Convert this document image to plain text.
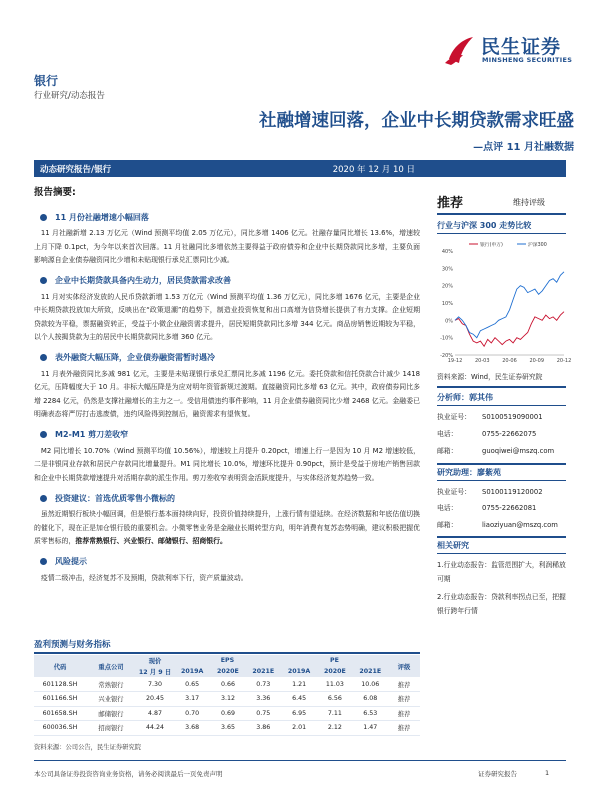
民生证券
MINSHENG SECURITIES
银行
行业研究/动态报告
社融增速回落，企业中长期贷款需求旺盛
—点评 11 月社融数据
动态研究报告/银行	2020 年 12 月 10 日
报告摘要:
11 月份社融增速小幅回落
11 月社融新增 2.13 万亿元（Wind 预测平均值 2.05 万亿元），同比多增 1406 亿元。社融存量同比增长 13.6%，增速较上月下降 0.1pct，为今年以来首次回落。11 月社融同比多增依然主要得益于政府债券和企业中长期贷款同比多增，主要负面影响源自企业债券融资同比少增和未贴现银行承兑汇票同比少减。
企业中长期贷款具备内生动力，居民贷款需求改善
11 月对实体经济发放的人民币贷款新增 1.53 万亿元（Wind 预测平均值 1.36 万亿元），同比多增 1676 亿元，主要是企业中长期贷款投放加大所致，反映出在“政策退潮”的趋势下，制造业投资恢复和出口高增为信贷增长提供了有力支撑。企业短期贷款较为平稳，票据融资转正，受益于小微企业融资需求提升，居民短期贷款同比多增 344 亿元。商品房销售近期较为平稳，以个人按揭贷款为主的居民中长期贷款同比多增 360 亿元。
表外融资大幅压降，企业债券融资需暂时遇冷
11 月表外融资同比多减 981 亿元，主要是未贴现银行承兑汇票同比多减 1196 亿元。委托贷款和信托贷款合计减少 1418 亿元，压降幅度大于 10 月。非标大幅压降是为应对明年资管新规过渡期。直接融资同比多增 63 亿元。其中，政府债券同比多增 2284 亿元，仍然是支撑社融增长的主力之一。受信用债违约事件影响，11 月企业债券融资同比少增 2468 亿元。金融委已明确表态将严厉打击逃废债，违约风险得到控制后，融资需求有望恢复。
M2-M1 剪刀差收窄
M2 同比增长 10.70%（Wind 预测平均值 10.56%），增速较上月提升 0.20pct，增速上行一是因为 10 月 M2 增速较低，二是非银同业存款和居民户存款同比增量提升。M1 同比增长 10.0%，增速环比提升 0.90pct，预计是受益于房地产销售回款和企业中长期贷款增速提升对活期存款的派生作用。剪刀差收窄表明资金活跃度提升，与实体经济复苏趋势一致。
投资建议：首选优质零售小微标的
虽然近期银行板块小幅回调，但是银行基本面持续向好，投资价值持续提升，上涨行情有望延续。在经济数据和年底估值切换的催化下，现在正是加仓银行股的重要机会。小微零售业务是金融业长期转型方向，明年消费有复苏态势明确，建议积极把握优质零售标的，推荐常熟银行、兴业银行、邮储银行、招商银行。
风险提示
疫情二级冲击，经济复苏不及预期，贷款利率下行，资产质量波动。
盈利预测与财务指标
代码	重点公司	现价	EPS			PE			评级
		12 月 9 日	2019A	2020E	2021E	2019A	2020E	2021E	
601128.SH	常熟银行	7.30	0.65	0.66	0.73	1.21	11.03	10.06	推荐
601166.SH	兴业银行	20.45	3.17	3.12	3.36	6.45	6.56	6.08	推荐
601658.SH	邮储银行	4.87	0.70	0.69	0.75	6.95	7.11	6.53	推荐
600036.SH	招商银行	44.24	3.68	3.65	3.86	2.01	2.12	1.47	推荐
资料来源：公司公告，民生证券研究院
推荐	维持评级
行业与沪深 300 走势比较
40%
30%
20%
10%
0%
-10%
-20%
19-12	20-03	20-06	20-09	20-12
银行(申万)	沪深300
资料来源：Wind，民生证券研究院
分析师：郭其伟
执业证号： S0100519090001
电话：	0755-22662075
邮箱：	guoqiwei@mszq.com
研究助理：廖紫苑
执业证号： S0100119120002
电话：	0755-22662081
邮箱：	liaoziyuan@mszq.com
相关研究
1.行业动态报告：监管范围扩大，利润稀放可期
2.行业动态报告：贷款利率拐点已至，把握银行跨年行情
本公司具备证券投资咨询业务资格，请务必阅读最后一页免责声明	证券研究报告	1
